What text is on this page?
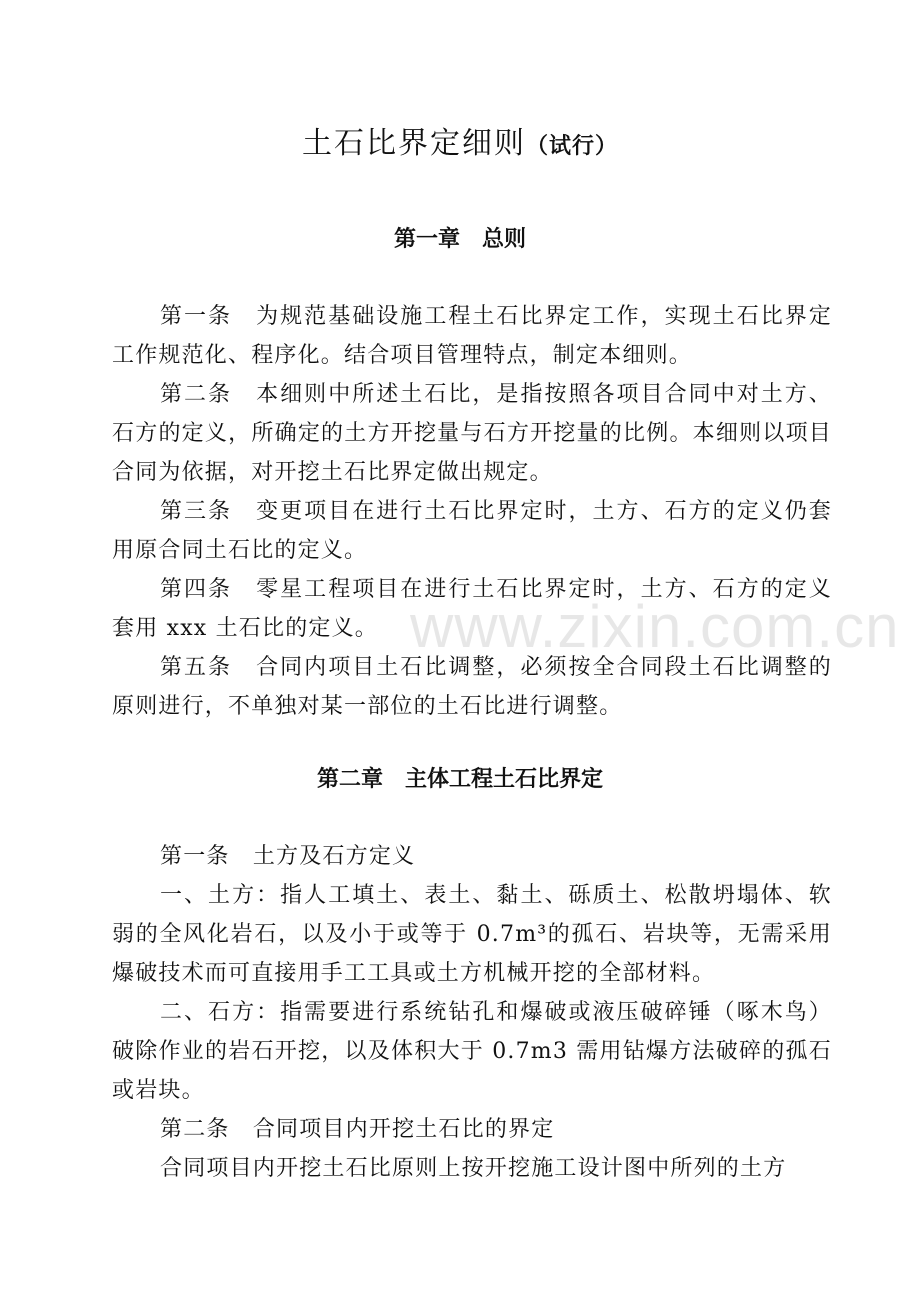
土石比界定细则（试行）
第一章　总则

第一条　为规范基础设施工程土石比界定工作，实现土石比界定工作规范化、程序化。结合项目管理特点，制定本细则。

第二条　本细则中所述土石比，是指按照各项目合同中对土方、石方的定义，所确定的土方开挖量与石方开挖量的比例。本细则以项目合同为依据，对开挖土石比界定做出规定。

第三条　变更项目在进行土石比界定时，土方、石方的定义仍套用原合同土石比的定义。

第四条　零星工程项目在进行土石比界定时，土方、石方的定义套用 xxx 土石比的定义。

第五条　合同内项目土石比调整，必须按全合同段土石比调整的原则进行，不单独对某一部位的土石比进行调整。

第二章　主体工程土石比界定

第一条　土方及石方定义

一、土方：指人工填土、表土、黏土、砾质土、松散坍塌体、软弱的全风化岩石，以及小于或等于 0.7m³的孤石、岩块等，无需采用爆破技术而可直接用手工工具或土方机械开挖的全部材料。

二、石方：指需要进行系统钻孔和爆破或液压破碎锤（啄木鸟）破除作业的岩石开挖，以及体积大于 0.7m3 需用钻爆方法破碎的孤石或岩块。

第二条　合同项目内开挖土石比的界定

合同项目内开挖土石比原则上按开挖施工设计图中所列的土方

www.zixin.com.cn
